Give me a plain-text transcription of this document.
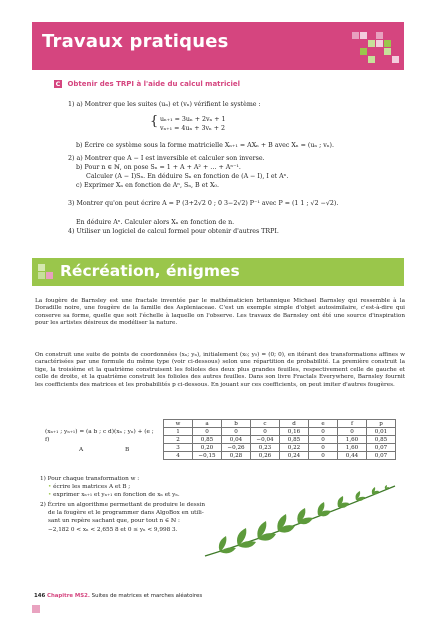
Travaux pratiques
C Obtenir des TRPI à l'aide du calcul matriciel
1) a) Montrer que les suites (uₙ) et (vₙ) vérifient le système :
{ uₙ₊₁ = 3uₙ + 2vₙ + 1
vₙ₊₁ = 4uₙ + 3vₙ + 2
b) Écrire ce système sous la forme matricielle Xₙ₊₁ = AXₙ + B avec Xₙ = (uₙ ; vₙ).
2) a) Montrer que A − I est inversible et calculer son inverse.
b) Pour n ∈ ℕ, on pose Sₙ = 1 + A + A² + … + Aⁿ⁻¹.
Calculer (A − I)Sₙ. En déduire Sₙ en fonction de (A − I), I et Aⁿ.
c) Exprimer Xₙ en fonction de Aⁿ, Sₙ, B et X₀.
3) Montrer qu'on peut écrire A = P (3+2√2 0 ; 0 3−2√2) P⁻¹ avec P = (1 1 ; √2 −√2).
En déduire Aⁿ. Calculer alors Xₙ en fonction de n.
4) Utiliser un logiciel de calcul formel pour obtenir d'autres TRPI.
Récréation, énigmes
La fougère de Barnsley est une fractale inventée par le mathématicien britannique Michael Barnsley qui ressemble à la Doradille noire, une fougère de la famille des Aspleniaceae. C'est un exemple simple d'objet autosimilaire, c'est-à-dire qui conserve sa forme, quelle que soit l'échelle à laquelle on l'observe. Les travaux de Barnsley ont été une source d'inspiration pour les artistes désireux de modéliser la nature.
On construit une suite de points de coordonnées (xₙ; yₙ), initialement (x₀; y₀) = (0; 0), en itérant des transformations affines w caractérisées par une formule du même type (voir ci-dessous) selon une répartition de probabilité. La première construit la tige, la troisième et la quatrième construisent les folioles des deux plus grandes feuilles, respectivement celle de gauche et celle de droite, et la quatrième construit les folioles des autres feuilles. Dans son livre Fractals Everywhere, Barnsley fournit les coefficients des matrices et les probabilités p ci-dessous. En jouant sur ces coefficients, on peut imiter d'autres fougères.
(xₙ₊₁ ; yₙ₊₁) = (a b ; c d)(xₙ ; yₙ) + (e ; f)
A	B
w	a	b	c	d	e	f	p
1	0	0	0	0,16	0	0	0,01
2	0,85	0,04	−0,04	0,85	0	1,60	0,85
3	0,20	−0,26	0,23	0,22	0	1,60	0,07
4	−0,15	0,28	0,26	0,24	0	0,44	0,07
1) Pour chaque transformation w :
• écrire les matrices A et B ;
• exprimer xₙ₊₁ et yₙ₊₁ en fonction de xₙ et yₙ.
2) Écrire un algorithme permettant de produire le dessin
de la fougère et le programmer dans AlgoBox en utili-
sant un repère sachant que, pour tout n ∈ ℕ :
−2,182 0 < xₙ < 2,655 8 et 0 ≤ yₙ < 9,998 3.
146 Chapitre MS2. Suites de matrices et marches aléatoires
